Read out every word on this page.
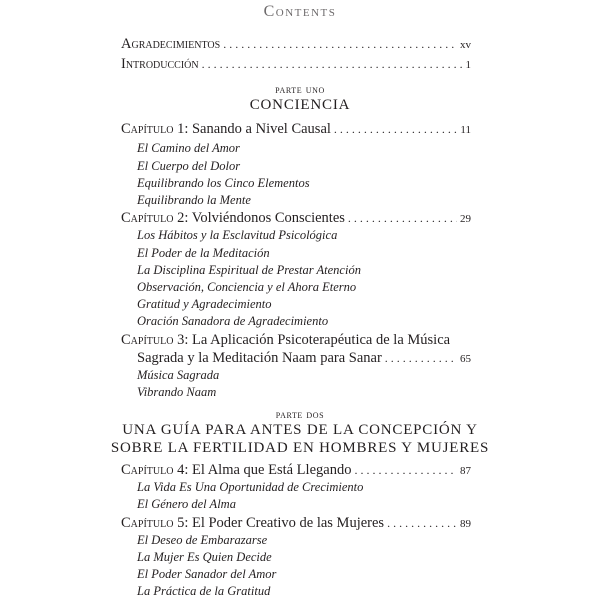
Contents
Agradecimientos . . .	xv
Introducción . . .	1
parte uno
CONCIENCIA
Capítulo 1: Sanando a Nivel Causal . . .	11
El Camino del Amor
El Cuerpo del Dolor
Equilibrando los Cinco Elementos
Equilibrando la Mente
Capítulo 2: Volviéndonos Conscientes . . .	29
Los Hábitos y la Esclavitud Psicológica
El Poder de la Meditación
La Disciplina Espiritual de Prestar Atención
Observación, Conciencia y el Ahora Eterno
Gratitud y Agradecimiento
Oración Sanadora de Agradecimiento
Capítulo 3: La Aplicación Psicoterapéutica de la Música
Sagrada y la Meditación Naam para Sanar . . .	65
Música Sagrada
Vibrando Naam
parte dos
UNA GUÍA PARA ANTES DE LA CONCEPCIÓN Y
SOBRE LA FERTILIDAD EN HOMBRES Y MUJERES
Capítulo 4: El Alma que Está Llegando . . .	87
La Vida Es Una Oportunidad de Crecimiento
El Género del Alma
Capítulo 5: El Poder Creativo de las Mujeres . . .	89
El Deseo de Embarazarse
La Mujer Es Quien Decide
El Poder Sanador del Amor
La Práctica de la Gratitud
